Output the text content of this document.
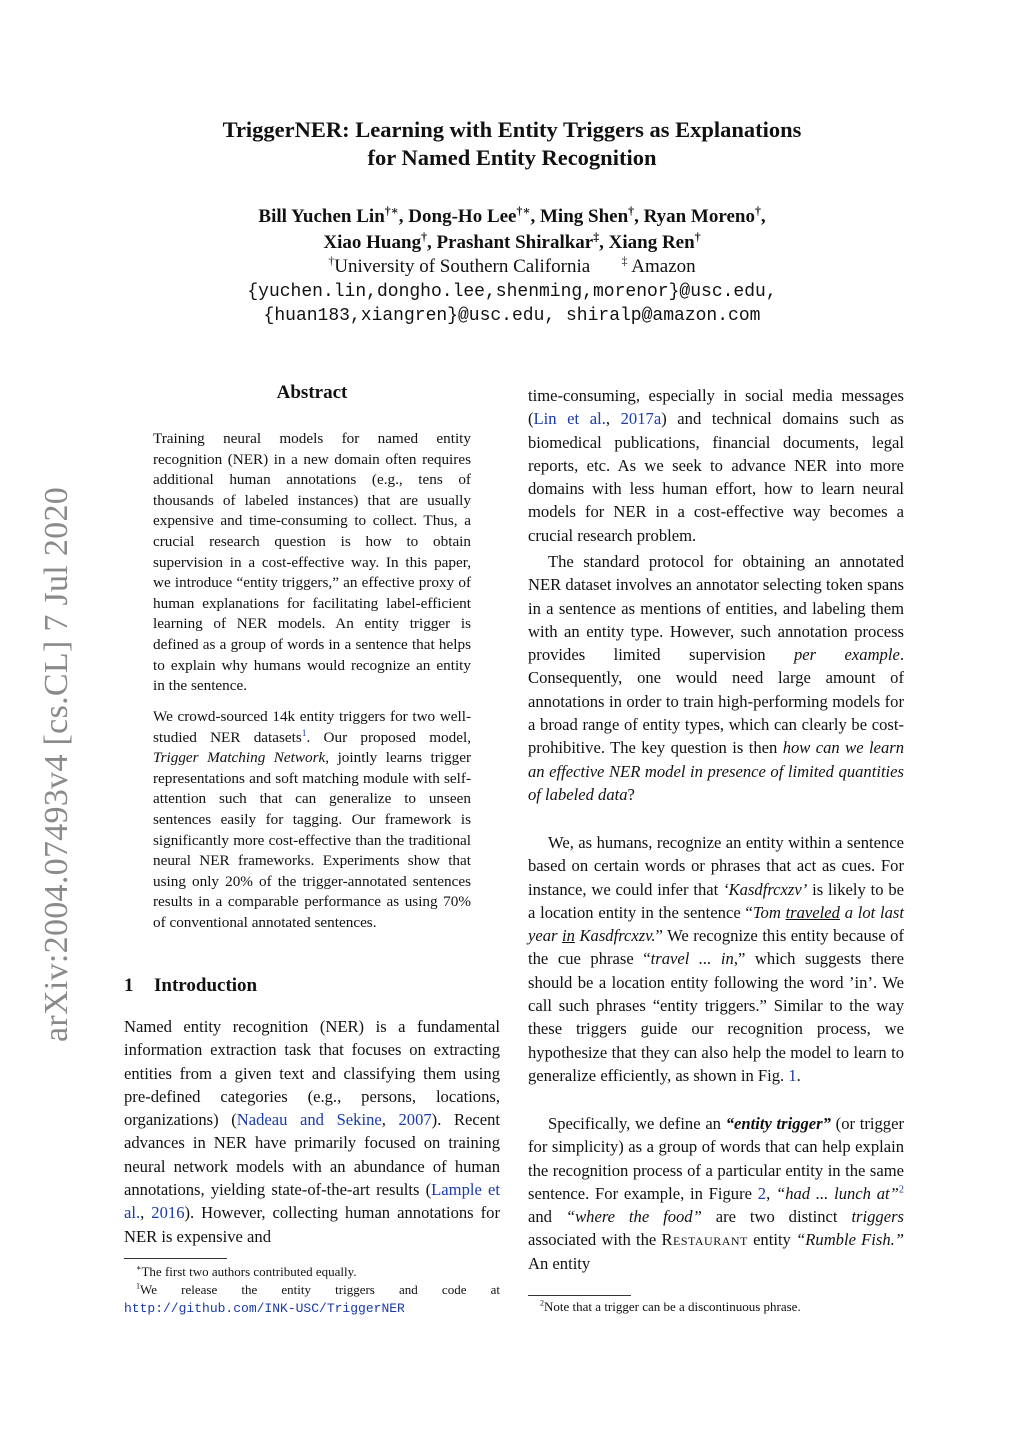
arXiv:2004.07493v4 [cs.CL] 7 Jul 2020
TriggerNER: Learning with Entity Triggers as Explanations
for Named Entity Recognition
Bill Yuchen Lin†∗, Dong-Ho Lee†∗, Ming Shen†, Ryan Moreno†,
Xiao Huang†, Prashant Shiralkar‡, Xiang Ren†
†University of Southern California	‡ Amazon
{yuchen.lin,dongho.lee,shenming,morenor}@usc.edu,
{huan183,xiangren}@usc.edu, shiralp@amazon.com
Abstract
Training neural models for named entity recognition (NER) in a new domain often requires additional human annotations (e.g., tens of thousands of labeled instances) that are usually expensive and time-consuming to collect. Thus, a crucial research question is how to obtain supervision in a cost-effective way. In this paper, we introduce “entity triggers,” an effective proxy of human explanations for facilitating label-efficient learning of NER models. An entity trigger is defined as a group of words in a sentence that helps to explain why humans would recognize an entity in the sentence.
We crowd-sourced 14k entity triggers for two well-studied NER datasets$^1$. Our proposed model, Trigger Matching Network, jointly learns trigger representations and soft matching module with self-attention such that can generalize to unseen sentences easily for tagging. Our framework is significantly more cost-effective than the traditional neural NER frameworks. Experiments show that using only 20% of the trigger-annotated sentences results in a comparable performance as using 70% of conventional annotated sentences.
1 Introduction
Named entity recognition (NER) is a fundamental information extraction task that focuses on extracting entities from a given text and classifying them using pre-defined categories (e.g., persons, locations, organizations) (Nadeau and Sekine, 2007). Recent advances in NER have primarily focused on training neural network models with an abundance of human annotations, yielding state-of-the-art results (Lample et al., 2016). However, collecting human annotations for NER is expensive and
∗The first two authors contributed equally.
$^1$We release the entity triggers and code at http://github.com/INK-USC/TriggerNER
time-consuming, especially in social media messages (Lin et al., 2017a) and technical domains such as biomedical publications, financial documents, legal reports, etc. As we seek to advance NER into more domains with less human effort, how to learn neural models for NER in a cost-effective way becomes a crucial research problem.
The standard protocol for obtaining an annotated NER dataset involves an annotator selecting token spans in a sentence as mentions of entities, and labeling them with an entity type. However, such annotation process provides limited supervision per example. Consequently, one would need large amount of annotations in order to train high-performing models for a broad range of entity types, which can clearly be cost-prohibitive. The key question is then how can we learn an effective NER model in presence of limited quantities of labeled data?
We, as humans, recognize an entity within a sentence based on certain words or phrases that act as cues. For instance, we could infer that ‘Kasdfrcxzv’ is likely to be a location entity in the sentence “Tom traveled a lot last year in Kasdfrcxzv.” We recognize this entity because of the cue phrase “travel ... in,” which suggests there should be a location entity following the word ’in’. We call such phrases “entity triggers.” Similar to the way these triggers guide our recognition process, we hypothesize that they can also help the model to learn to generalize efficiently, as shown in Fig. 1.
Specifically, we define an “entity trigger” (or trigger for simplicity) as a group of words that can help explain the recognition process of a particular entity in the same sentence. For example, in Figure 2, “had ... lunch at”$^2$ and “where the food” are two distinct triggers associated with the Restaurant entity “Rumble Fish.” An entity
$^2$Note that a trigger can be a discontinuous phrase.
